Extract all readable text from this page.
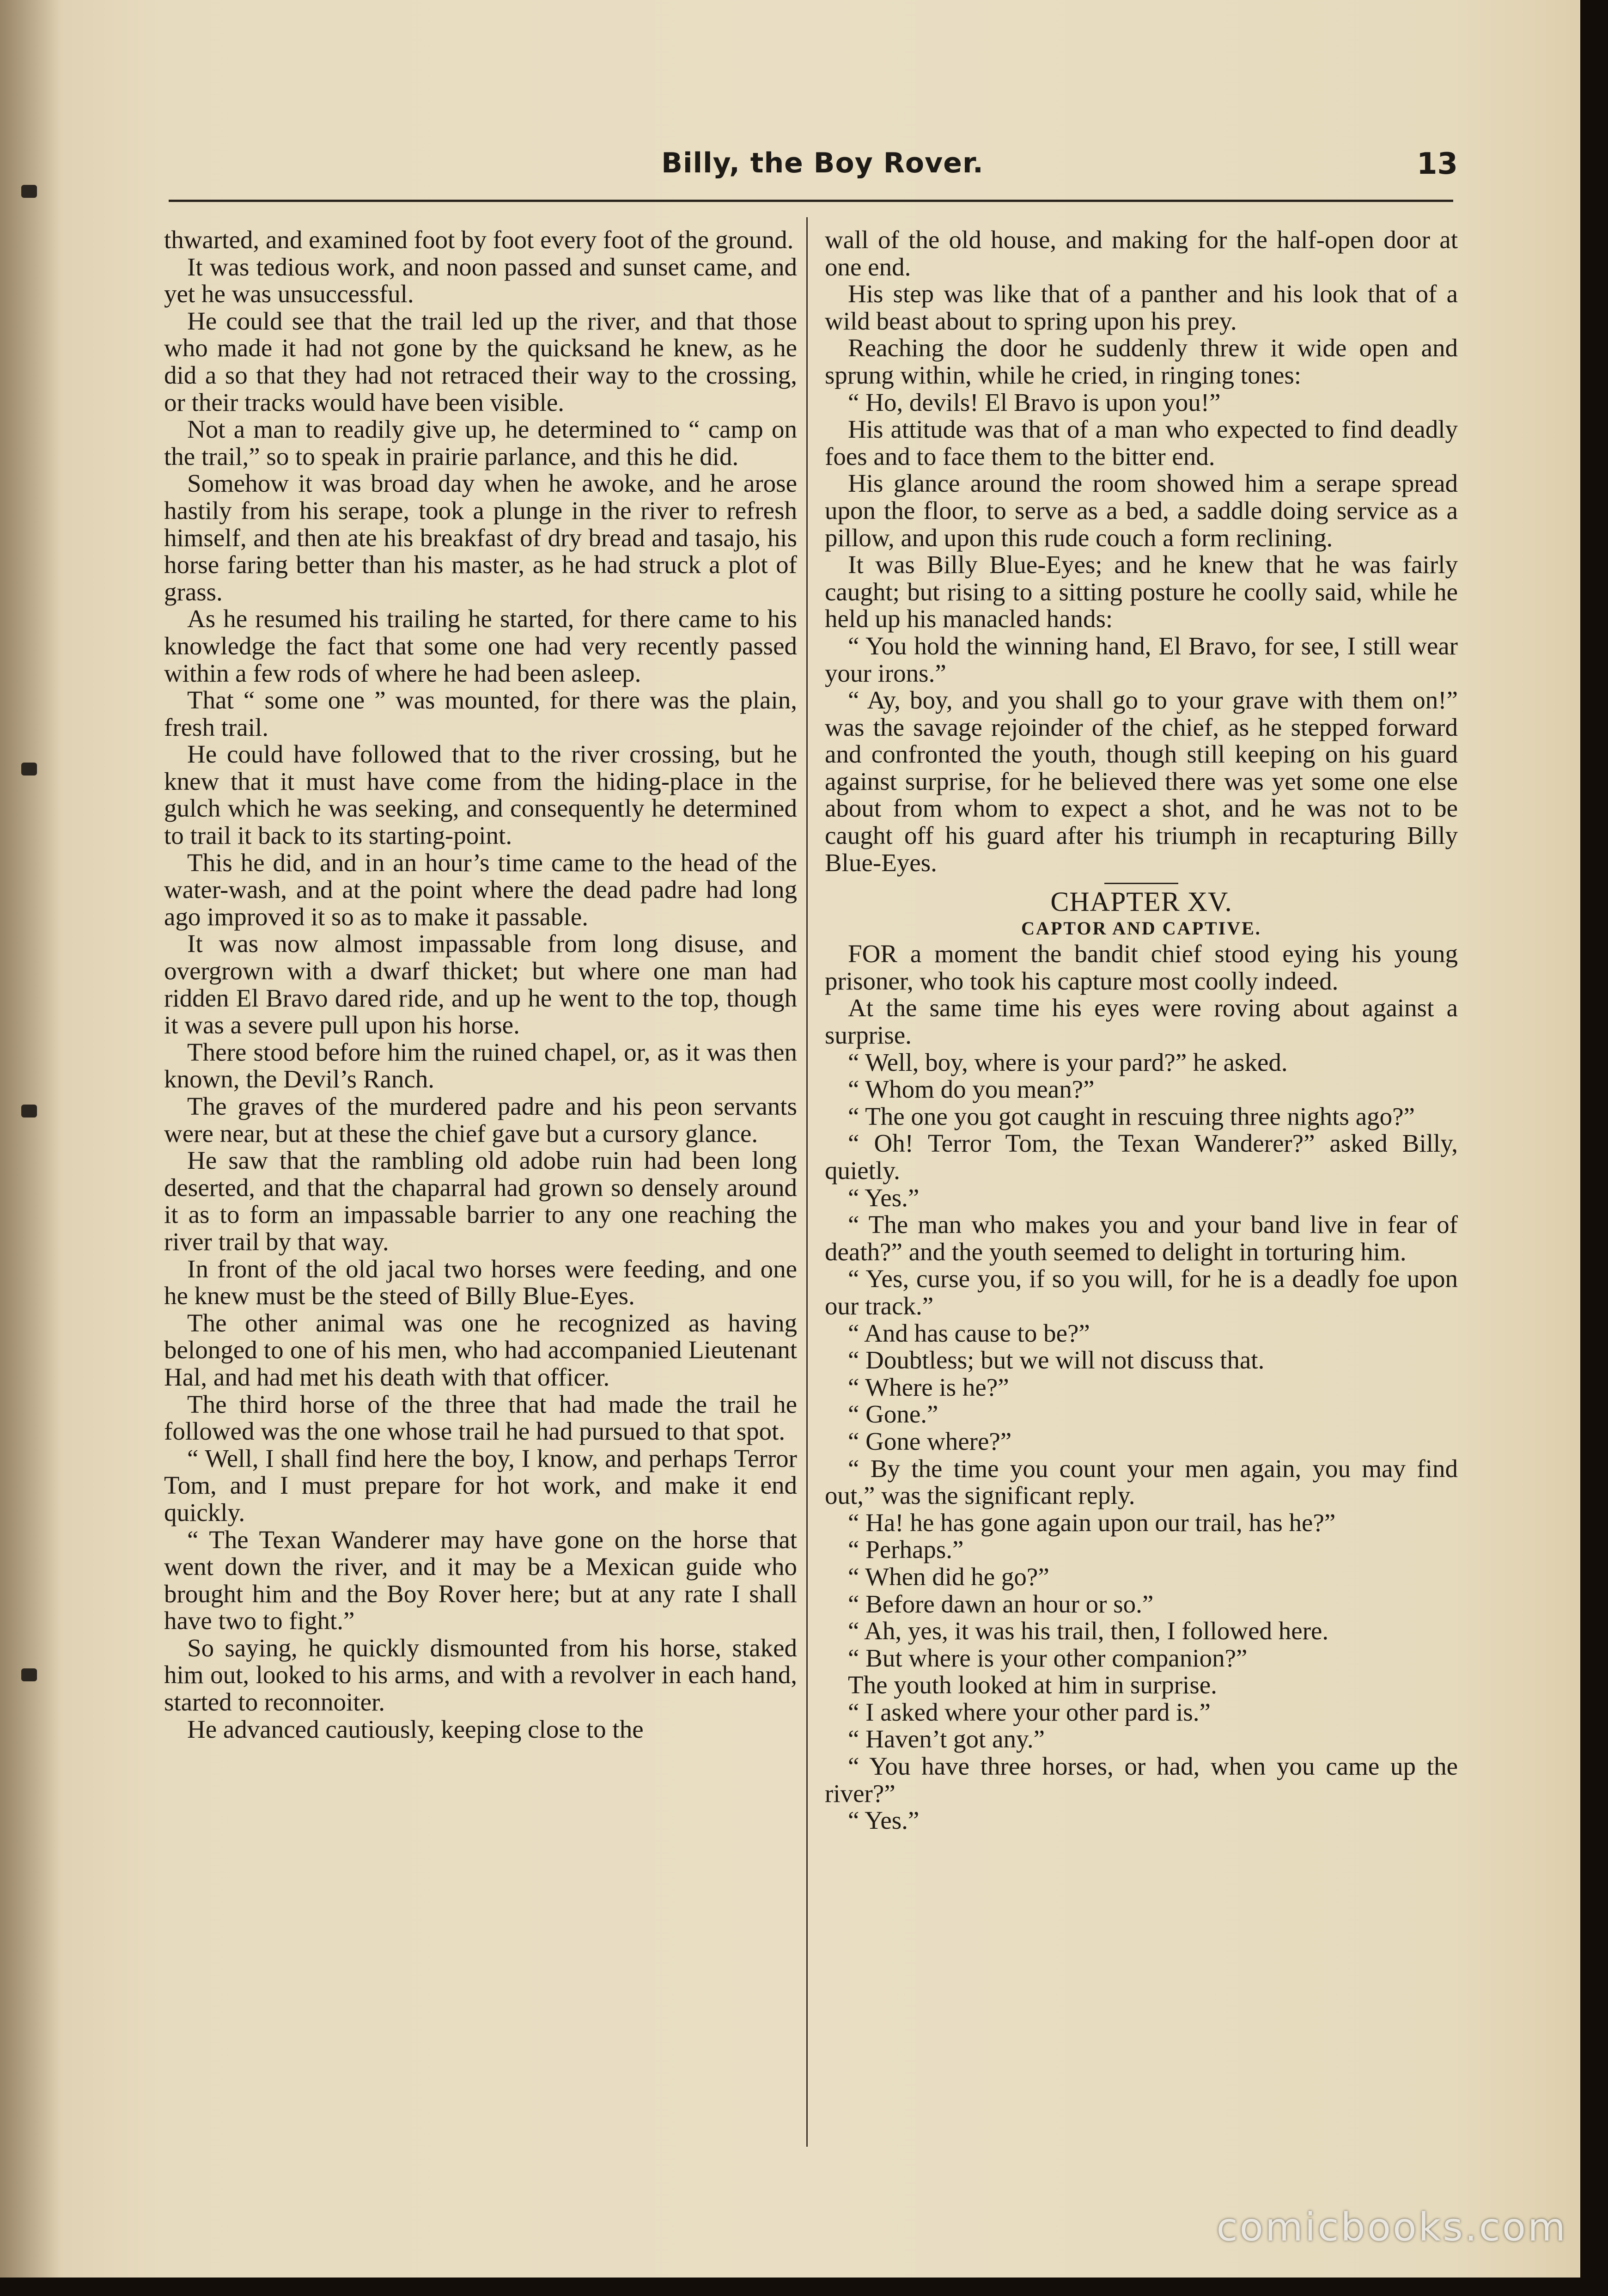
Billy, the Boy Rover.	13

thwarted, and examined foot by foot every foot of the ground.

It was tedious work, and noon passed and sunset came, and yet he was unsuccessful.

He could see that the trail led up the river, and that those who made it had not gone by the quicksand he knew, as he did a so that they had not retraced their way to the crossing, or their tracks would have been visible.

Not a man to readily give up, he determined to “ camp on the trail,” so to speak in prairie parlance, and this he did.

Somehow it was broad day when he awoke, and he arose hastily from his serape, took a plunge in the river to refresh himself, and then ate his breakfast of dry bread and tasajo, his horse faring better than his master, as he had struck a plot of grass.

As he resumed his trailing he started, for there came to his knowledge the fact that some one had very recently passed within a few rods of where he had been asleep.

That “ some one ” was mounted, for there was the plain, fresh trail.

He could have followed that to the river crossing, but he knew that it must have come from the hiding-place in the gulch which he was seeking, and consequently he determined to trail it back to its starting-point.

This he did, and in an hour’s time came to the head of the water-wash, and at the point where the dead padre had long ago improved it so as to make it passable.

It was now almost impassable from long disuse, and overgrown with a dwarf thicket; but where one man had ridden El Bravo dared ride, and up he went to the top, though it was a severe pull upon his horse.

There stood before him the ruined chapel, or, as it was then known, the Devil’s Ranch.

The graves of the murdered padre and his peon servants were near, but at these the chief gave but a cursory glance.

He saw that the rambling old adobe ruin had been long deserted, and that the chaparral had grown so densely around it as to form an impassable barrier to any one reaching the river trail by that way.

In front of the old jacal two horses were feeding, and one he knew must be the steed of Billy Blue-Eyes.

The other animal was one he recognized as having belonged to one of his men, who had accompanied Lieutenant Hal, and had met his death with that officer.

The third horse of the three that had made the trail he followed was the one whose trail he had pursued to that spot.

“ Well, I shall find here the boy, I know, and perhaps Terror Tom, and I must prepare for hot work, and make it end quickly.

“ The Texan Wanderer may have gone on the horse that went down the river, and it may be a Mexican guide who brought him and the Boy Rover here; but at any rate I shall have two to fight.”

So saying, he quickly dismounted from his horse, staked him out, looked to his arms, and with a revolver in each hand, started to reconnoiter.

He advanced cautiously, keeping close to the

wall of the old house, and making for the half-open door at one end.

His step was like that of a panther and his look that of a wild beast about to spring upon his prey.

Reaching the door he suddenly threw it wide open and sprung within, while he cried, in ringing tones:

“ Ho, devils! El Bravo is upon you!”

His attitude was that of a man who expected to find deadly foes and to face them to the bitter end.

His glance around the room showed him a serape spread upon the floor, to serve as a bed, a saddle doing service as a pillow, and upon this rude couch a form reclining.

It was Billy Blue-Eyes; and he knew that he was fairly caught; but rising to a sitting posture he coolly said, while he held up his manacled hands:

“ You hold the winning hand, El Bravo, for see, I still wear your irons.”

“ Ay, boy, and you shall go to your grave with them on!” was the savage rejoinder of the chief, as he stepped forward and confronted the youth, though still keeping on his guard against surprise, for he believed there was yet some one else about from whom to expect a shot, and he was not to be caught off his guard after his triumph in recapturing Billy Blue-Eyes.

CHAPTER XV.
CAPTOR AND CAPTIVE.

FOR a moment the bandit chief stood eying his young prisoner, who took his capture most coolly indeed.

At the same time his eyes were roving about against a surprise.

“ Well, boy, where is your pard?” he asked.

“ Whom do you mean?”

“ The one you got caught in rescuing three nights ago?”

“ Oh! Terror Tom, the Texan Wanderer?” asked Billy, quietly.

“ Yes.”

“ The man who makes you and your band live in fear of death?” and the youth seemed to delight in torturing him.

“ Yes, curse you, if so you will, for he is a deadly foe upon our track.”

“ And has cause to be?”

“ Doubtless; but we will not discuss that.

“ Where is he?”

“ Gone.”

“ Gone where?”

“ By the time you count your men again, you may find out,” was the significant reply.

“ Ha! he has gone again upon our trail, has he?”

“ Perhaps.”

“ When did he go?”

“ Before dawn an hour or so.”

“ Ah, yes, it was his trail, then, I followed here.

“ But where is your other companion?”

The youth looked at him in surprise.

“ I asked where your other pard is.”

“ Haven’t got any.”

“ You have three horses, or had, when you came up the river?”

“ Yes.”

comicbooks.com
